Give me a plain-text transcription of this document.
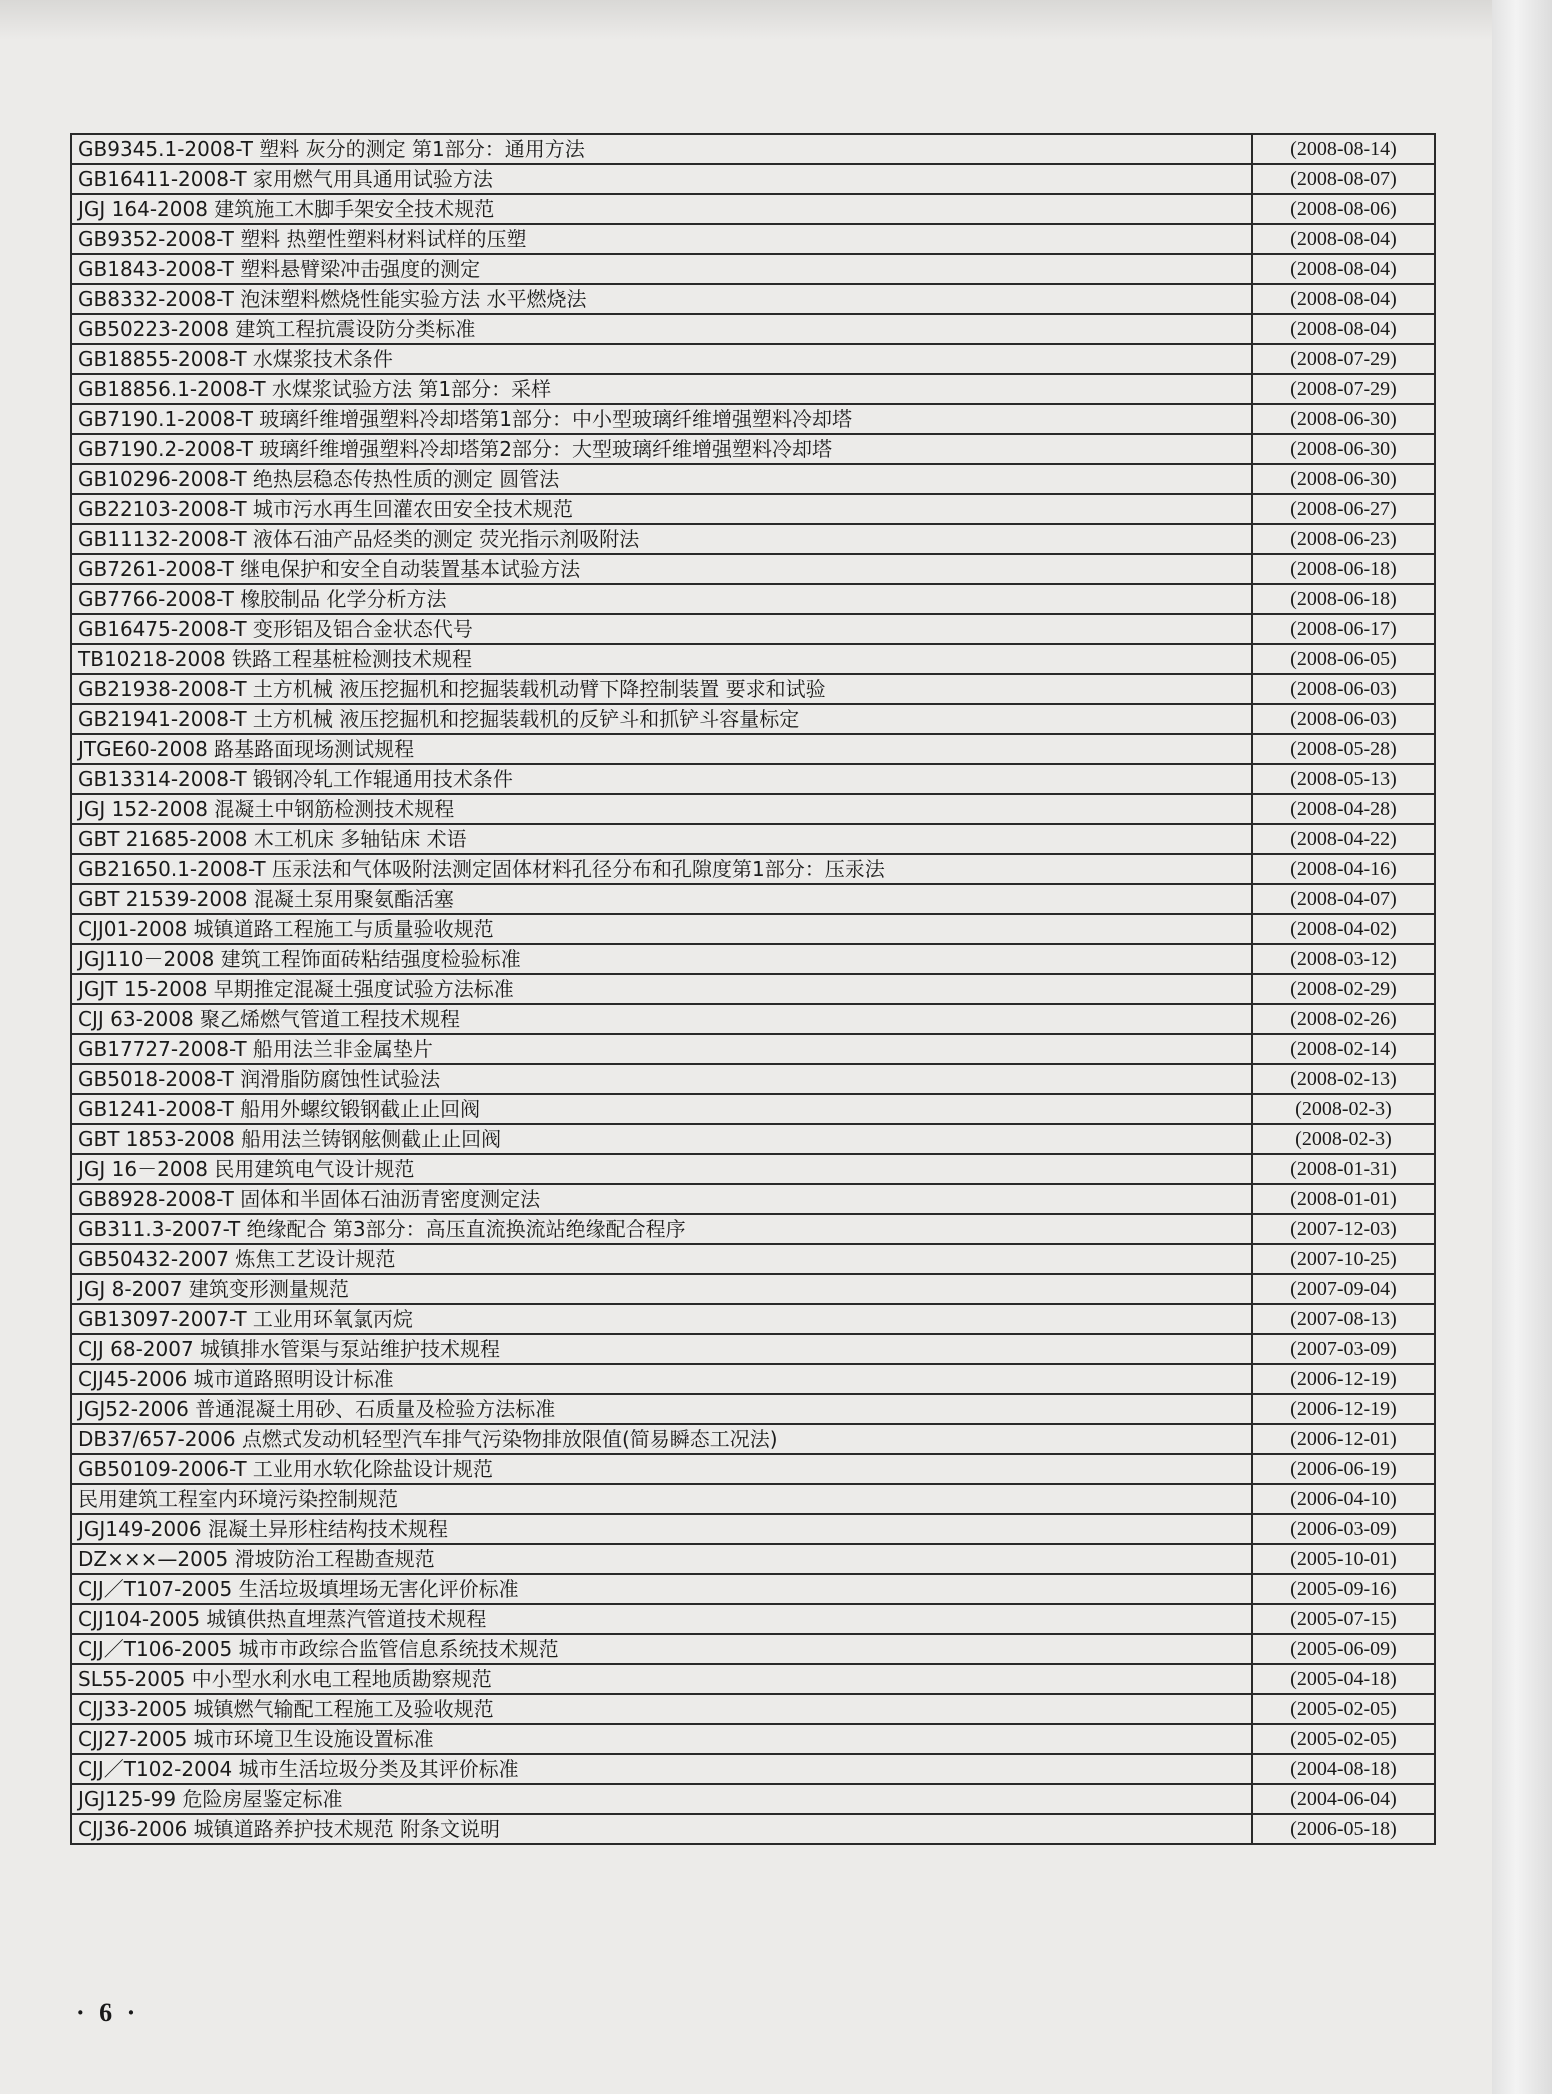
GB9345.1-2008-T 塑料 灰分的测定 第1部分：通用方法	(2008-08-14)
GB16411-2008-T 家用燃气用具通用试验方法	(2008-08-07)
JGJ 164-2008 建筑施工木脚手架安全技术规范	(2008-08-06)
GB9352-2008-T 塑料 热塑性塑料材料试样的压塑	(2008-08-04)
GB1843-2008-T 塑料悬臂梁冲击强度的测定	(2008-08-04)
GB8332-2008-T 泡沫塑料燃烧性能实验方法 水平燃烧法	(2008-08-04)
GB50223-2008 建筑工程抗震设防分类标准	(2008-08-04)
GB18855-2008-T 水煤浆技术条件	(2008-07-29)
GB18856.1-2008-T 水煤浆试验方法 第1部分：采样	(2008-07-29)
GB7190.1-2008-T 玻璃纤维增强塑料冷却塔第1部分：中小型玻璃纤维增强塑料冷却塔	(2008-06-30)
GB7190.2-2008-T 玻璃纤维增强塑料冷却塔第2部分：大型玻璃纤维增强塑料冷却塔	(2008-06-30)
GB10296-2008-T 绝热层稳态传热性质的测定 圆管法	(2008-06-30)
GB22103-2008-T 城市污水再生回灌农田安全技术规范	(2008-06-27)
GB11132-2008-T 液体石油产品烃类的测定 荧光指示剂吸附法	(2008-06-23)
GB7261-2008-T 继电保护和安全自动装置基本试验方法	(2008-06-18)
GB7766-2008-T 橡胶制品 化学分析方法	(2008-06-18)
GB16475-2008-T 变形铝及铝合金状态代号	(2008-06-17)
TB10218-2008 铁路工程基桩检测技术规程	(2008-06-05)
GB21938-2008-T 土方机械 液压挖掘机和挖掘装载机动臂下降控制装置 要求和试验	(2008-06-03)
GB21941-2008-T 土方机械 液压挖掘机和挖掘装载机的反铲斗和抓铲斗容量标定	(2008-06-03)
JTGE60-2008 路基路面现场测试规程	(2008-05-28)
GB13314-2008-T 锻钢冷轧工作辊通用技术条件	(2008-05-13)
JGJ 152-2008 混凝土中钢筋检测技术规程	(2008-04-28)
GBT 21685-2008 木工机床 多轴钻床 术语	(2008-04-22)
GB21650.1-2008-T 压汞法和气体吸附法测定固体材料孔径分布和孔隙度第1部分：压汞法	(2008-04-16)
GBT 21539-2008 混凝土泵用聚氨酯活塞	(2008-04-07)
CJJ01-2008 城镇道路工程施工与质量验收规范	(2008-04-02)
JGJ110－2008 建筑工程饰面砖粘结强度检验标准	(2008-03-12)
JGJT 15-2008 早期推定混凝土强度试验方法标准	(2008-02-29)
CJJ 63-2008 聚乙烯燃气管道工程技术规程	(2008-02-26)
GB17727-2008-T 船用法兰非金属垫片	(2008-02-14)
GB5018-2008-T 润滑脂防腐蚀性试验法	(2008-02-13)
GB1241-2008-T 船用外螺纹锻钢截止止回阀	(2008-02-3)
GBT 1853-2008 船用法兰铸钢舷侧截止止回阀	(2008-02-3)
JGJ 16－2008 民用建筑电气设计规范	(2008-01-31)
GB8928-2008-T 固体和半固体石油沥青密度测定法	(2008-01-01)
GB311.3-2007-T 绝缘配合 第3部分：高压直流换流站绝缘配合程序	(2007-12-03)
GB50432-2007 炼焦工艺设计规范	(2007-10-25)
JGJ 8-2007 建筑变形测量规范	(2007-09-04)
GB13097-2007-T 工业用环氧氯丙烷	(2007-08-13)
CJJ 68-2007 城镇排水管渠与泵站维护技术规程	(2007-03-09)
CJJ45-2006 城市道路照明设计标准	(2006-12-19)
JGJ52-2006 普通混凝土用砂、石质量及检验方法标准	(2006-12-19)
DB37/657-2006 点燃式发动机轻型汽车排气污染物排放限值(简易瞬态工况法)	(2006-12-01)
GB50109-2006-T 工业用水软化除盐设计规范	(2006-06-19)
民用建筑工程室内环境污染控制规范	(2006-04-10)
JGJ149-2006 混凝土异形柱结构技术规程	(2006-03-09)
DZ×××—2005 滑坡防治工程勘查规范	(2005-10-01)
CJJ／T107-2005 生活垃圾填埋场无害化评价标准	(2005-09-16)
CJJ104-2005 城镇供热直埋蒸汽管道技术规程	(2005-07-15)
CJJ／T106-2005 城市市政综合监管信息系统技术规范	(2005-06-09)
SL55-2005 中小型水利水电工程地质勘察规范	(2005-04-18)
CJJ33-2005 城镇燃气输配工程施工及验收规范	(2005-02-05)
CJJ27-2005 城市环境卫生设施设置标准	(2005-02-05)
CJJ／T102-2004 城市生活垃圾分类及其评价标准	(2004-08-18)
JGJ125-99 危险房屋鉴定标准	(2004-06-04)
CJJ36-2006 城镇道路养护技术规范 附条文说明	(2006-05-18)
· 6 ·
